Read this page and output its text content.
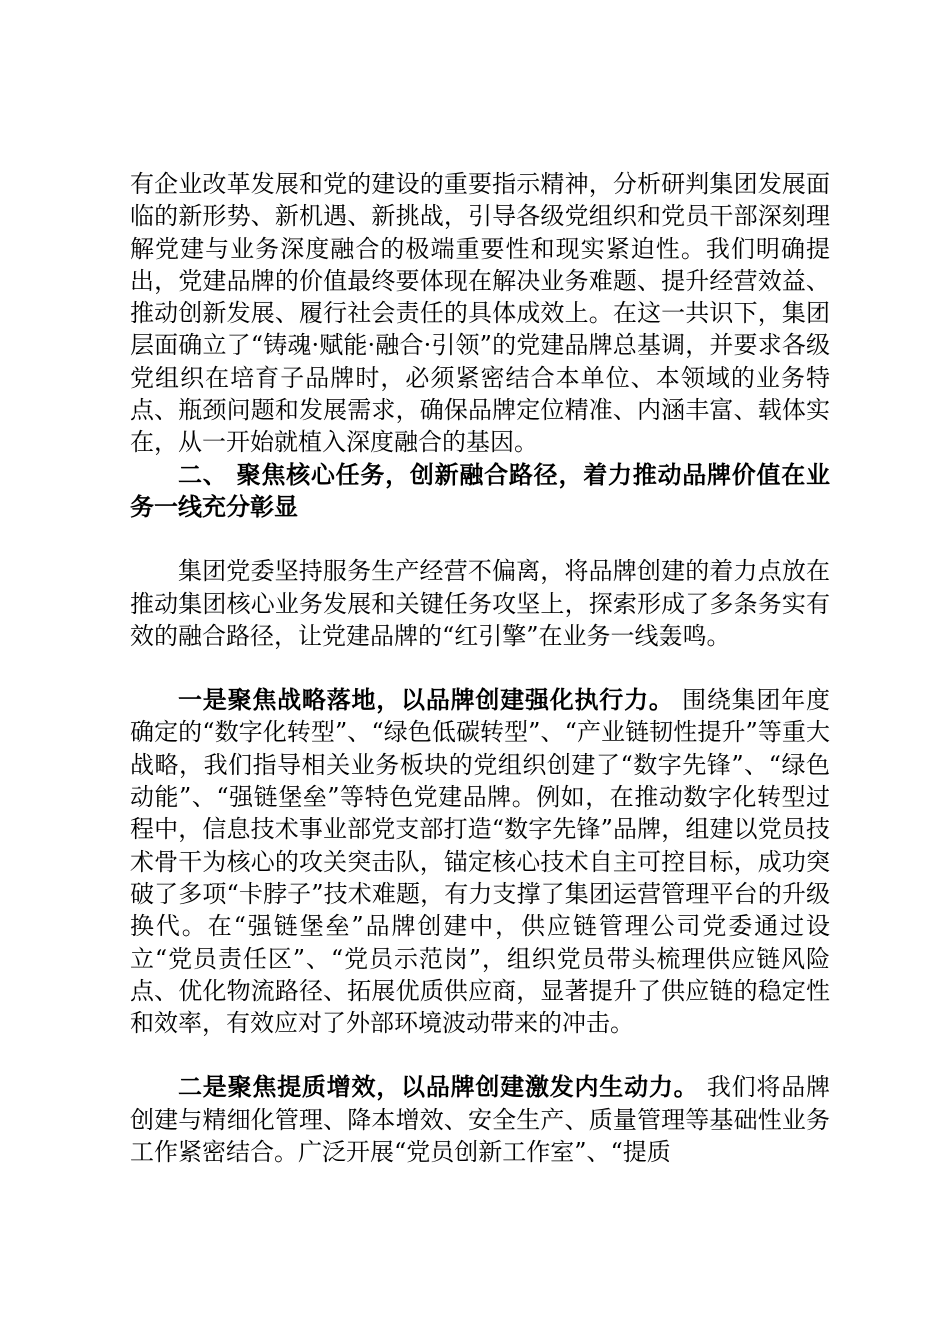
有企业改革发展和党的建设的重要指示精神，分析研判集团发展面临的新形势、新机遇、新挑战，引导各级党组织和党员干部深刻理解党建与业务深度融合的极端重要性和现实紧迫性。我们明确提出，党建品牌的价值最终要体现在解决业务难题、提升经营效益、推动创新发展、履行社会责任的具体成效上。在这一共识下，集团层面确立了“铸魂·赋能·融合·引领”的党建品牌总基调，并要求各级党组织在培育子品牌时，必须紧密结合本单位、本领域的业务特点、瓶颈问题和发展需求，确保品牌定位精准、内涵丰富、载体实在，从一开始就植入深度融合的基因。

二、 聚焦核心任务，创新融合路径，着力推动品牌价值在业务一线充分彰显

集团党委坚持服务生产经营不偏离，将品牌创建的着力点放在推动集团核心业务发展和关键任务攻坚上，探索形成了多条务实有效的融合路径，让党建品牌的“红引擎”在业务一线轰鸣。

一是聚焦战略落地，以品牌创建强化执行力。 围绕集团年度确定的“数字化转型”、“绿色低碳转型”、“产业链韧性提升”等重大战略，我们指导相关业务板块的党组织创建了“数字先锋”、“绿色动能”、“强链堡垒”等特色党建品牌。例如，在推动数字化转型过程中，信息技术事业部党支部打造“数字先锋”品牌，组建以党员技术骨干为核心的攻关突击队，锚定核心技术自主可控目标，成功突破了多项“卡脖子”技术难题，有力支撑了集团运营管理平台的升级换代。在“强链堡垒”品牌创建中，供应链管理公司党委通过设立“党员责任区”、“党员示范岗”，组织党员带头梳理供应链风险点、优化物流路径、拓展优质供应商，显著提升了供应链的稳定性和效率，有效应对了外部环境波动带来的冲击。

二是聚焦提质增效，以品牌创建激发内生动力。 我们将品牌创建与精细化管理、降本增效、安全生产、质量管理等基础性业务工作紧密结合。广泛开展“党员创新工作室”、“提质
